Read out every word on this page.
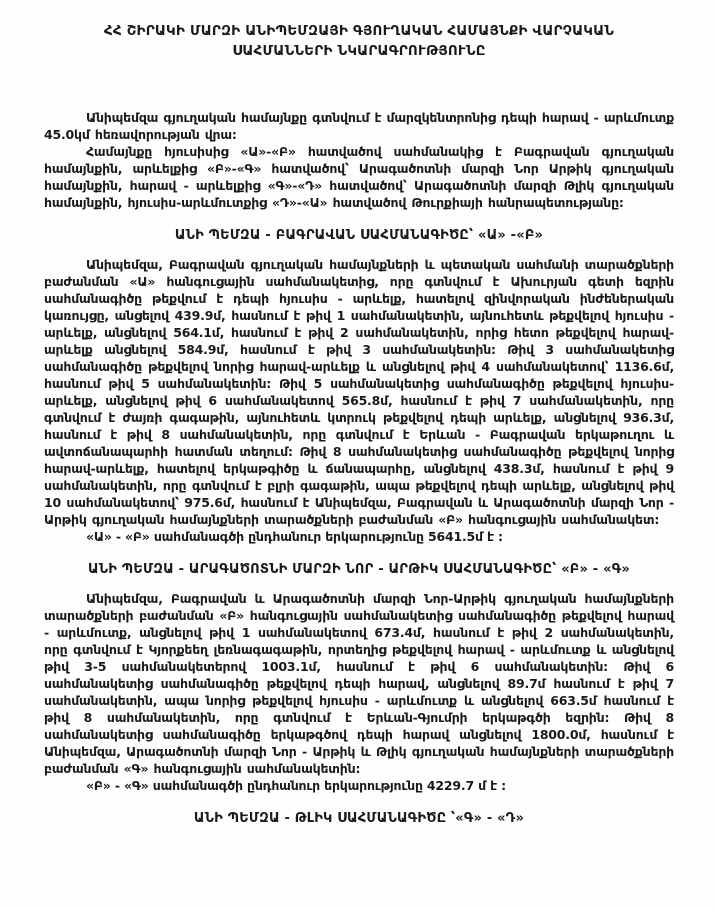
ՀՀ ՇԻՐԱԿԻ ՄԱՐԶԻ ԱՆԻՊԵՄԶԱՅԻ ԳՅՈՒՂԱԿԱՆ ՀԱՄԱՅՆՔԻ ՎԱՐՉԱԿԱՆ ՍԱՀՄԱՆՆԵՐԻ ՆԿԱՐԱԳՐՈՒԹՅՈՒՆԸ

Անիպեմզա գյուղական համայնքը գտնվում է մարզկենտրոնից դեպի հարավ - արևմուտք 45.0կմ հեռավորության վրա:

Համայնքը հյուսիսից «Ա»-«Բ» հատվածով սահմանակից է Բագրավան գյուղական համայնքին, արևելքից «Բ»-«Գ» հատվածով՝ Արագածոտնի մարզի Նոր Արթիկ գյուղական համայնքին, հարավ - արևելքից «Գ»-«Դ» հատվածով՝ Արագածոտնի մարզի Թլիկ գյուղական համայնքին, հյուսիս-արևմուտքից «Դ»-«Ա» հատվածով Թուրքիայի հանրապետությանը:

ԱՆԻ ՊԵՄԶԱ - ԲԱԳՐԱՎԱՆ ՍԱՀՄԱՆԱԳԻԾԸ՝ «Ա» -«Բ»

Անիպեմզա, Բագրավան գյուղական համայնքների և պետական սահմանի տարածքների բաժանման «Ա» հանգուցային սահմանակետից, որը գտնվում է Ախուրյան գետի եզրին սահմանագիծը թեքվում է դեպի հյուսիս - արևելք, հատելով զինվորական ինժեներական կառույցը, անցելով 439.9մ, հասնում է թիվ 1 սահմանակետին, այնուհետև թեքվելով հյուսիս - արևելք, անցնելով 564.1մ, հասնում է թիվ 2 սահմանակետին, որից հետո թեքվելով հարավ-արևելք անցնելով 584.9մ, հասնում է թիվ 3 սահմանակետին: Թիվ 3 սահմանակետից սահմանագիծը թեքվելով նորից հարավ-արևելք և անցնելով թիվ 4 սահմանակետով՝ 1136.6մ, հասնում թիվ 5 սահմանակետին: Թիվ 5 սահմանակետից սահմանագիծը թեքվելով հյուսիս-արևելք, անցնելով թիվ 6 սահմանակետով 565.8մ, հասնում է թիվ 7 սահմանակետին, որը գտնվում է ժայռի գագաթին, այնուհետև կտրուկ թեքվելով դեպի արևելք, անցնելով 936.3մ, հասնում է թիվ 8 սահմանակետին, որը գտնվում է Երևան - Բագրավան երկաթուղու և ավտոճանապարհի հատման տեղում: Թիվ 8 սահմանակետից սահմանագիծը թեքվելով նորից հարավ-արևելք, հատելով երկաթգիծը և ճանապարհը, անցնելով 438.3մ, հասնում է թիվ 9 սահմանակետին, որը գտնվում է բլրի գագաթին, ապա թեքվելով դեպի արևելք, անցնելով թիվ 10 սահմանակետով՝ 975.6մ, հասնում է Անիպեմզա, Բագրավան և Արագածոտնի մարզի Նոր - Արթիկ գյուղական համայնքների տարածքների բաժանման «Բ» հանգուցային սահմանակետ:

«Ա» - «Բ» սահմանագծի ընդհանուր երկարությունը 5641.5մ է :

ԱՆԻ ՊԵՄԶԱ - ԱՐԱԳԱԾՈՏՆԻ ՄԱՐԶԻ ՆՈՐ - ԱՐԹԻԿ ՍԱՀՄԱՆԱԳԻԾԸ՝ «Բ» - «Գ»

Անիպեմզա, Բագրավան և Արագածոտնի մարզի Նոր-Արթիկ գյուղական համայնքների տարածքների բաժանման «Բ» հանգուցային սահմանակետից սահմանագիծը թեքվելով հարավ - արևմուտք, անցնելով թիվ 1 սահմանակետով 673.4մ, հասնում է թիվ 2 սահմանակետին, որը գտնվում է Կյորքեեղ լեռնագագաթին, որտեղից թեքվելով հարավ - արևմուտք և անցնելով թիվ 3-5 սահմանակետերով 1003.1մ, հասնում է թիվ 6 սահմանակետին: Թիվ 6 սահմանակետից սահմանագիծը թեքվելով դեպի հարավ, անցնելով 89.7մ հասնում է թիվ 7 սահմանակետին, ապա նորից թեքվելով հյուսիս - արևմուտք և անցնելով 663.5մ հասնում է թիվ 8 սահմանակետին, որը գտնվում է Երևան-Գյումրի երկաթգծի եզրին: Թիվ 8 սահմանակետից սահմանագիծը երկաթգծով դեպի հարավ անցնելով 1800.0մ, հասնում է Անիպեմզա, Արագածոտնի մարզի Նոր - Արթիկ և Թլիկ գյուղական համայնքների տարածքների բաժանման «Գ» հանգուցային սահմանակետին:

«Բ» - «Գ» սահմանագծի ընդհանուր երկարությունը 4229.7 մ է :

ԱՆԻ ՊԵՄԶԱ - ԹԼԻԿ ՍԱՀՄԱՆԱԳԻԾԸ ՝«Գ» - «Դ»
